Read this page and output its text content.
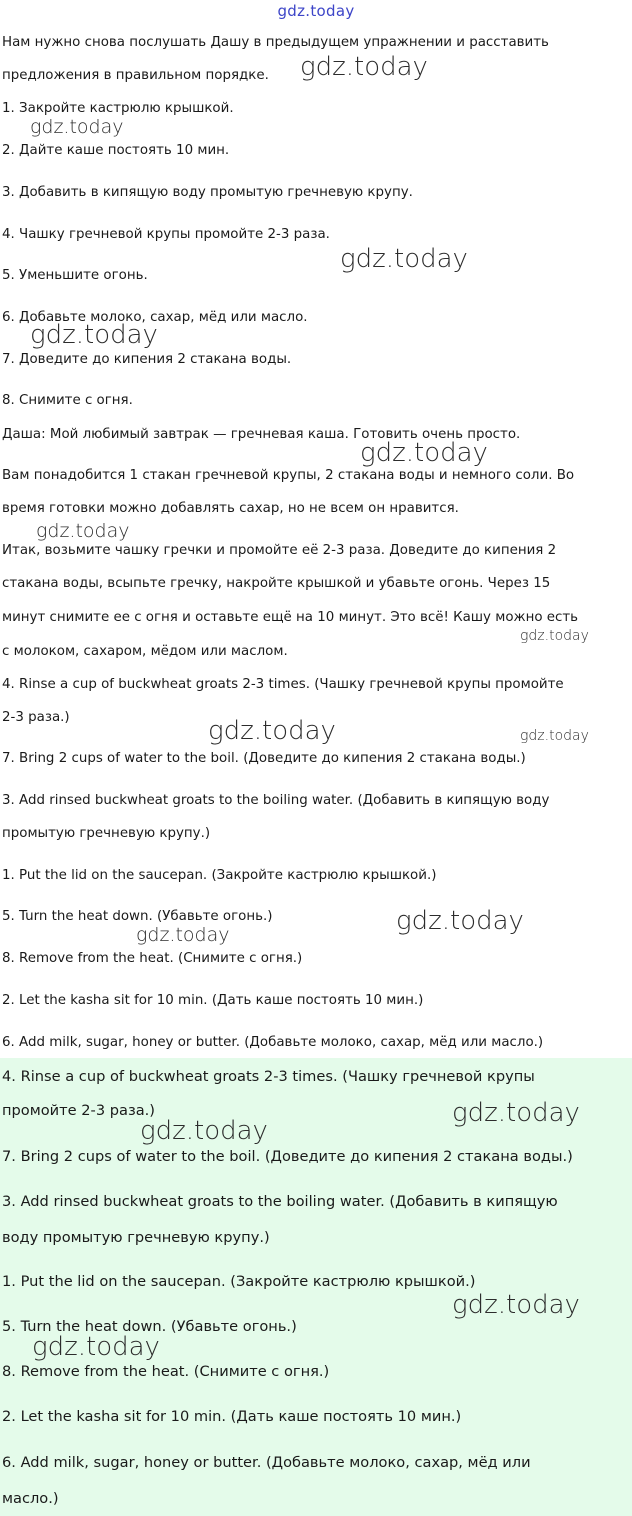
gdz.today
Нам нужно снова послушать Дашу в предыдущем упражнении и расставить
предложения в правильном порядке.
1. Закройте кастрюлю крышкой.
2. Дайте каше постоять 10 мин.
3. Добавить в кипящую воду промытую гречневую крупу.
4. Чашку гречневой крупы промойте 2-3 раза.
5. Уменьшите огонь.
6. Добавьте молоко, сахар, мёд или масло.
7. Доведите до кипения 2 стакана воды.
8. Снимите с огня.
Даша: Мой любимый завтрак — гречневая каша. Готовить очень просто.
Вам понадобится 1 стакан гречневой крупы, 2 стакана воды и немного соли. Во
время готовки можно добавлять сахар, но не всем он нравится.
Итак, возьмите чашку гречки и промойте её 2-3 раза. Доведите до кипения 2
стакана воды, всыпьте гречку, накройте крышкой и убавьте огонь. Через 15
минут снимите ее с огня и оставьте ещё на 10 минут. Это всё! Кашу можно есть
с молоком, сахаром, мёдом или маслом.
4. Rinse a cup of buckwheat groats 2-3 times. (Чашку гречневой крупы промойте
2-3 раза.)
7. Bring 2 cups of water to the boil. (Доведите до кипения 2 стакана воды.)
3. Add rinsed buckwheat groats to the boiling water. (Добавить в кипящую воду
промытую гречневую крупу.)
1. Put the lid on the saucepan. (Закройте кастрюлю крышкой.)
5. Turn the heat down. (Убавьте огонь.)
8. Remove from the heat. (Снимите с огня.)
2. Let the kasha sit for 10 min. (Дать каше постоять 10 мин.)
6. Add milk, sugar, honey or butter. (Добавьте молоко, сахар, мёд или масло.)
4. Rinse a cup of buckwheat groats 2-3 times. (Чашку гречневой крупы
промойте 2-3 раза.)
7. Bring 2 cups of water to the boil. (Доведите до кипения 2 стакана воды.)
3. Add rinsed buckwheat groats to the boiling water. (Добавить в кипящую
воду промытую гречневую крупу.)
1. Put the lid on the saucepan. (Закройте кастрюлю крышкой.)
5. Turn the heat down. (Убавьте огонь.)
8. Remove from the heat. (Снимите с огня.)
2. Let the kasha sit for 10 min. (Дать каше постоять 10 мин.)
6. Add milk, sugar, honey or butter. (Добавьте молоко, сахар, мёд или
масло.)
gdz.today
gdz.today
gdz.today
gdz.today
gdz.today
gdz.today
gdz.today
gdz.today	gdz.today
gdz.today
gdz.today
gdz.today
gdz.today
gdz.today
gdz.today
